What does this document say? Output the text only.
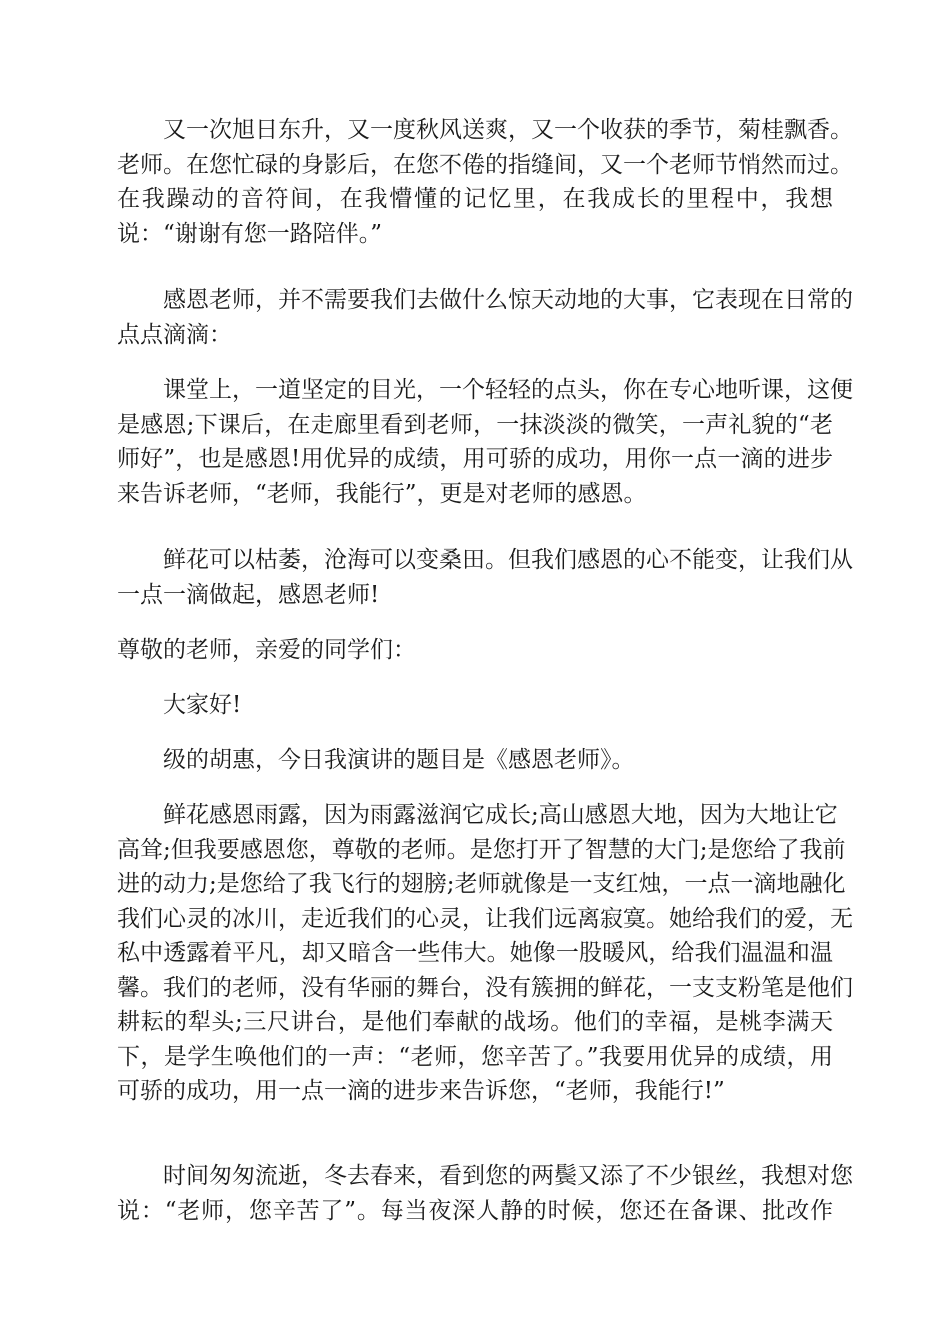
又一次旭日东升，又一度秋风送爽，又一个收获的季节，菊桂飘香。
老师。在您忙碌的身影后，在您不倦的指缝间，又一个老师节悄然而过。
在我躁动的音符间，在我懵懂的记忆里，在我成长的里程中，我想
说：“谢谢有您一路陪伴。”
感恩老师，并不需要我们去做什么惊天动地的大事，它表现在日常的
点点滴滴：
课堂上，一道坚定的目光，一个轻轻的点头，你在专心地听课，这便
是感恩;下课后，在走廊里看到老师，一抹淡淡的微笑，一声礼貌的“老
师好”，也是感恩!用优异的成绩，用可骄的成功，用你一点一滴的进步
来告诉老师，“老师，我能行”，更是对老师的感恩。
鲜花可以枯萎，沧海可以变桑田。但我们感恩的心不能变，让我们从
一点一滴做起，感恩老师!
尊敬的老师，亲爱的同学们：
大家好!
级的胡惠，今日我演讲的题目是《感恩老师》。
鲜花感恩雨露，因为雨露滋润它成长;高山感恩大地，因为大地让它
高耸;但我要感恩您，尊敬的老师。是您打开了智慧的大门;是您给了我前
进的动力;是您给了我飞行的翅膀;老师就像是一支红烛，一点一滴地融化
我们心灵的冰川，走近我们的心灵，让我们远离寂寞。她给我们的爱，无
私中透露着平凡，却又暗含一些伟大。她像一股暖风，给我们温温和温
馨。我们的老师，没有华丽的舞台，没有簇拥的鲜花，一支支粉笔是他们
耕耘的犁头;三尺讲台，是他们奉献的战场。他们的幸福，是桃李满天
下，是学生唤他们的一声：“老师，您辛苦了。”我要用优异的成绩，用
可骄的成功，用一点一滴的进步来告诉您，“老师，我能行!”
时间匆匆流逝，冬去春来，看到您的两鬓又添了不少银丝，我想对您
说：“老师，您辛苦了”。每当夜深人静的时候，您还在备课、批改作
